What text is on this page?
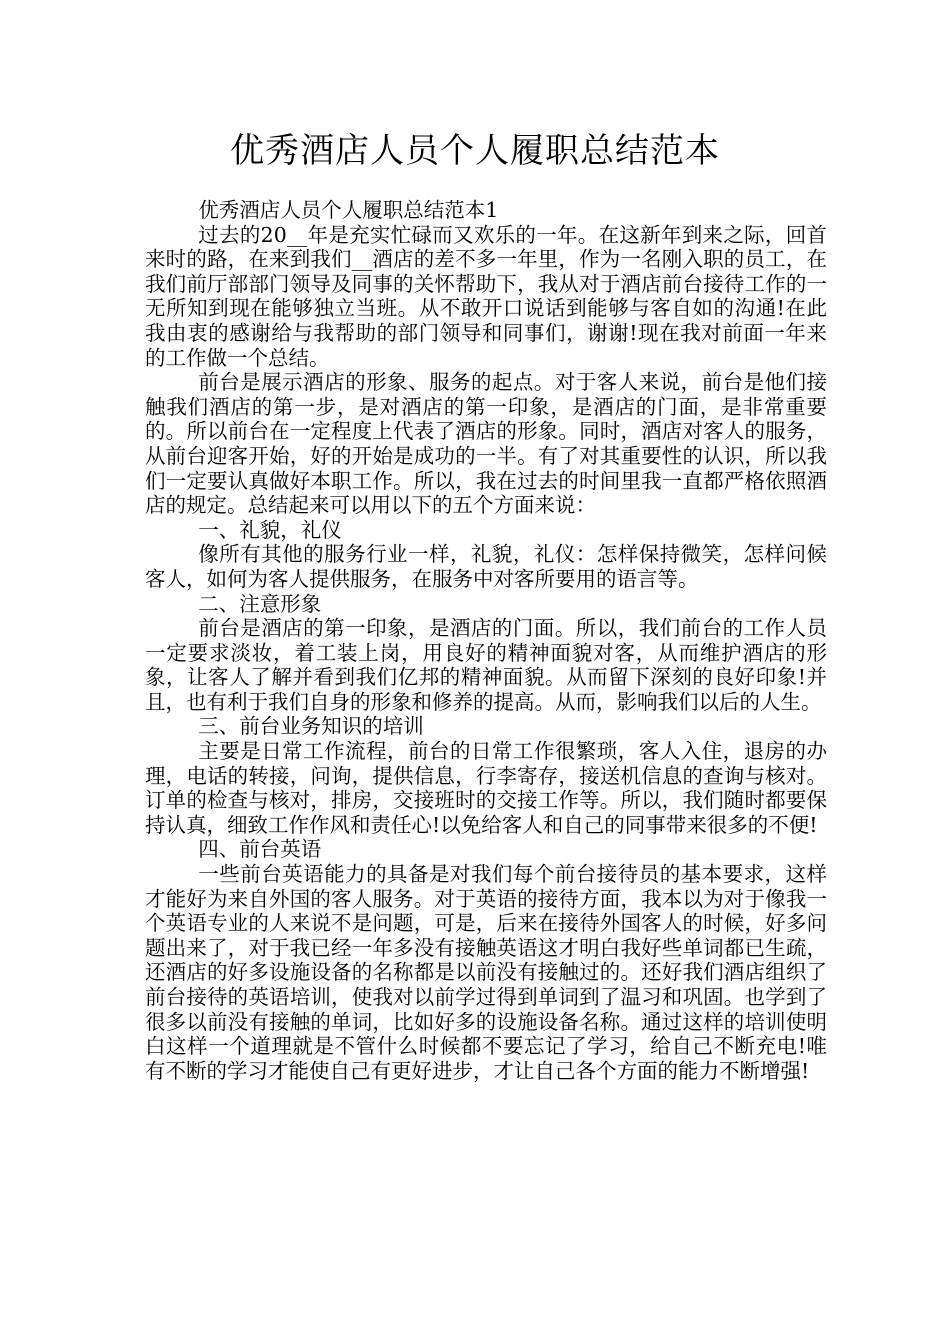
优秀酒店人员个人履职总结范本

优秀酒店人员个人履职总结范本1

过去的20__年是充实忙碌而又欢乐的一年。在这新年到来之际，回首来时的路，在来到我们__酒店的差不多一年里，作为一名刚入职的员工，在我们前厅部部门领导及同事的关怀帮助下，我从对于酒店前台接待工作的一无所知到现在能够独立当班。从不敢开口说话到能够与客自如的沟通!在此我由衷的感谢给与我帮助的部门领导和同事们，谢谢!现在我对前面一年来的工作做一个总结。

前台是展示酒店的形象、服务的起点。对于客人来说，前台是他们接触我们酒店的第一步，是对酒店的第一印象，是酒店的门面，是非常重要的。所以前台在一定程度上代表了酒店的形象。同时，酒店对客人的服务，从前台迎客开始，好的开始是成功的一半。有了对其重要性的认识，所以我们一定要认真做好本职工作。所以，我在过去的时间里我一直都严格依照酒店的规定。总结起来可以用以下的五个方面来说：

一、礼貌，礼仪

像所有其他的服务行业一样，礼貌，礼仪：怎样保持微笑，怎样问候客人，如何为客人提供服务，在服务中对客所要用的语言等。

二、注意形象

前台是酒店的第一印象，是酒店的门面。所以，我们前台的工作人员一定要求淡妆，着工装上岗，用良好的精神面貌对客，从而维护酒店的形象，让客人了解并看到我们亿邦的精神面貌。从而留下深刻的良好印象!并且，也有利于我们自身的形象和修养的提高。从而，影响我们以后的人生。

三、前台业务知识的培训

主要是日常工作流程，前台的日常工作很繁琐，客人入住，退房的办理，电话的转接，问询，提供信息，行李寄存，接送机信息的查询与核对。订单的检查与核对，排房，交接班时的交接工作等。所以，我们随时都要保持认真，细致工作作风和责任心!以免给客人和自己的同事带来很多的不便!

四、前台英语

一些前台英语能力的具备是对我们每个前台接待员的基本要求，这样才能好为来自外国的客人服务。对于英语的接待方面，我本以为对于像我一个英语专业的人来说不是问题，可是，后来在接待外国客人的时候，好多问题出来了，对于我已经一年多没有接触英语这才明白我好些单词都已生疏，还酒店的好多设施设备的名称都是以前没有接触过的。还好我们酒店组织了前台接待的英语培训，使我对以前学过得到单词到了温习和巩固。也学到了很多以前没有接触的单词，比如好多的设施设备名称。通过这样的培训使明白这样一个道理就是不管什么时候都不要忘记了学习，给自己不断充电!唯有不断的学习才能使自己有更好进步，才让自己各个方面的能力不断增强!
